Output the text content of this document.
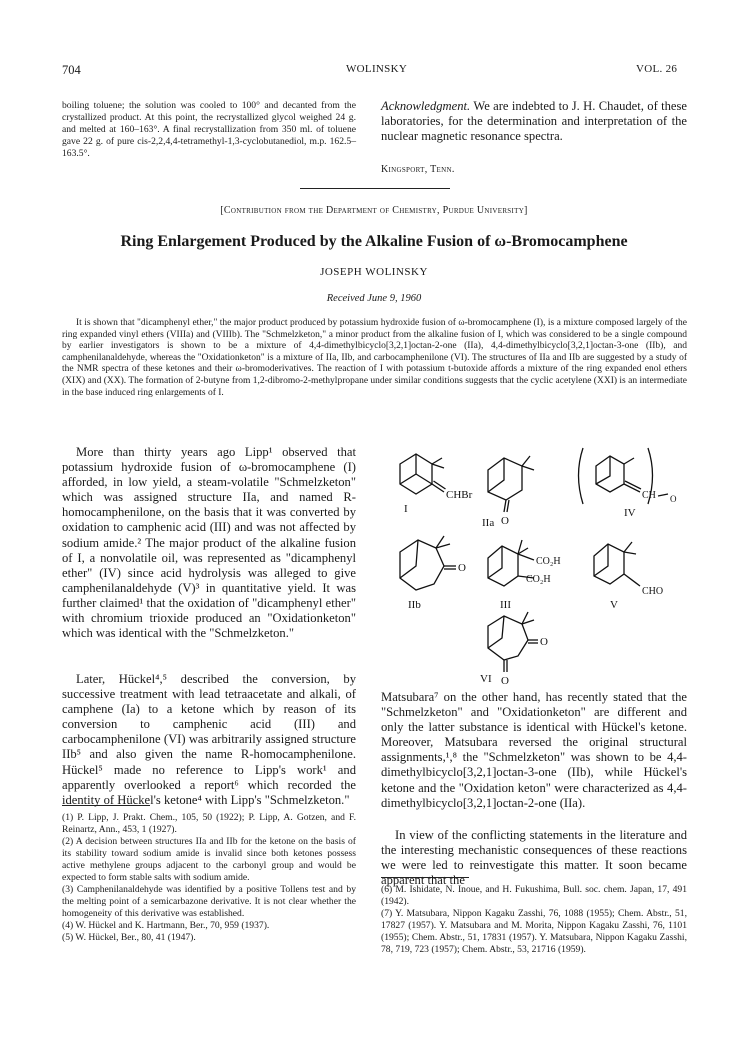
704	WOLINSKY	VOL. 26

boiling toluene; the solution was cooled to 100° and decanted from the crystallized product. At this point, the recrystallized glycol weighed 24 g. and melted at 160–163°. A final recrystallization from 350 ml. of toluene gave 22 g. of pure cis-2,2,4,4-tetramethyl-1,3-cyclobutanediol, m.p. 162.5–163.5°.

Acknowledgment. We are indebted to J. H. Chaudet, of these laboratories, for the determination and interpretation of the nuclear magnetic resonance spectra.

Kingsport, Tenn.
[Contribution from the Department of Chemistry, Purdue University]
Ring Enlargement Produced by the Alkaline Fusion of ω-Bromocamphene
JOSEPH WOLINSKY
Received June 9, 1960

It is shown that "dicamphenyl ether," the major product produced by potassium hydroxide fusion of ω-bromocamphene (I), is a mixture composed largely of the ring expanded vinyl ethers (VIIIa) and (VIIIb). The "Schmelzketon," a minor product from the alkaline fusion of I, which was considered to be a single compound by earlier investigators is shown to be a mixture of 4,4-dimethylbicyclo[3,2,1]octan-2-one (IIa), 4,4-dimethylbicyclo[3,2,1]octan-3-one (IIb), and camphenilanaldehyde, whereas the "Oxidationketon" is a mixture of IIa, IIb, and carbocamphenilone (VI). The structures of IIa and IIb are suggested by a study of the NMR spectra of these ketones and their ω-bromoderivatives. The reaction of I with potassium t-butoxide affords a mixture of the ring expanded enol ethers (XIX) and (XX). The formation of 2-butyne from 1,2-dibromo-2-methylpropane under similar conditions suggests that the cyclic acetylene (XXI) is an intermediate in the base induced ring enlargements of I.

More than thirty years ago Lipp¹ observed that potassium hydroxide fusion of ω-bromocamphene (I) afforded, in low yield, a steam-volatile "Schmelzketon" which was assigned structure IIa, and named R-homocamphenilone, on the basis that it was converted by oxidation to camphenic acid (III) and was not affected by sodium amide.² The major product of the alkaline fusion of I, a nonvolatile oil, was represented as "dicamphenyl ether" (IV) since acid hydrolysis was alleged to give camphenilanaldehyde (V)³ in quantitative yield. It was further claimed¹ that the oxidation of "dicamphenyl ether" with chromium trioxide produced an "Oxidationketon" which was identical with the "Schmelzketon."

Later, Hückel⁴,⁵ described the conversion, by successive treatment with lead tetraacetate and alkali, of camphene (Ia) to a ketone which by reason of its conversion to camphenic acid (III) and carbocamphenilone (VI) was arbitrarily assigned structure IIb⁵ and also given the name R-homocamphenilone. Hückel⁵ made no reference to Lipp's work¹ and apparently overlooked a report⁶ which recorded the identity of Hückel's ketone⁴ with Lipp's "Schmelzketon."

(1) P. Lipp, J. Prakt. Chem., 105, 50 (1922); P. Lipp, A. Gotzen, and F. Reinartz, Ann., 453, 1 (1927).

(2) A decision between structures IIa and IIb for the ketone on the basis of its stability toward sodium amide is invalid since both ketones possess active methylene groups adjacent to the carbonyl group and would be expected to form stable salts with sodium amide.

(3) Camphenilanaldehyde was identified by a positive Tollens test and by the melting point of a semicarbazone derivative. It is not clear whether the homogeneity of this derivative was established.

(4) W. Hückel and K. Hartmann, Ber., 70, 959 (1937).

(5) W. Hückel, Ber., 80, 41 (1947).

CHBr
I
O
IIa
CH O
IV
O
IIb
CO₂H
CO₂H
III
CHO
V
O
O
VI

Matsubara⁷ on the other hand, has recently stated that the "Schmelzketon" and "Oxidationketon" are different and only the latter substance is identical with Hückel's ketone. Moreover, Matsubara reversed the original structural assignments,¹,⁸ the "Schmelzketon" was shown to be 4,4-dimethylbicyclo[3,2,1]octan-3-one (IIb), while Hückel's ketone and the "Oxidation keton" were characterized as 4,4-dimethylbicyclo[3,2,1]octan-2-one (IIa).

In view of the conflicting statements in the literature and the interesting mechanistic consequences of these reactions we were led to reinvestigate this matter. It soon became apparent that the

(6) M. Ishidate, N. Inoue, and H. Fukushima, Bull. soc. chem. Japan, 17, 491 (1942).

(7) Y. Matsubara, Nippon Kagaku Zasshi, 76, 1088 (1955); Chem. Abstr., 51, 17827 (1957). Y. Matsubara and M. Morita, Nippon Kagaku Zasshi, 76, 1101 (1955); Chem. Abstr., 51, 17831 (1957). Y. Matsubara, Nippon Kagaku Zasshi, 78, 719, 723 (1957); Chem. Abstr., 53, 21716 (1959).
